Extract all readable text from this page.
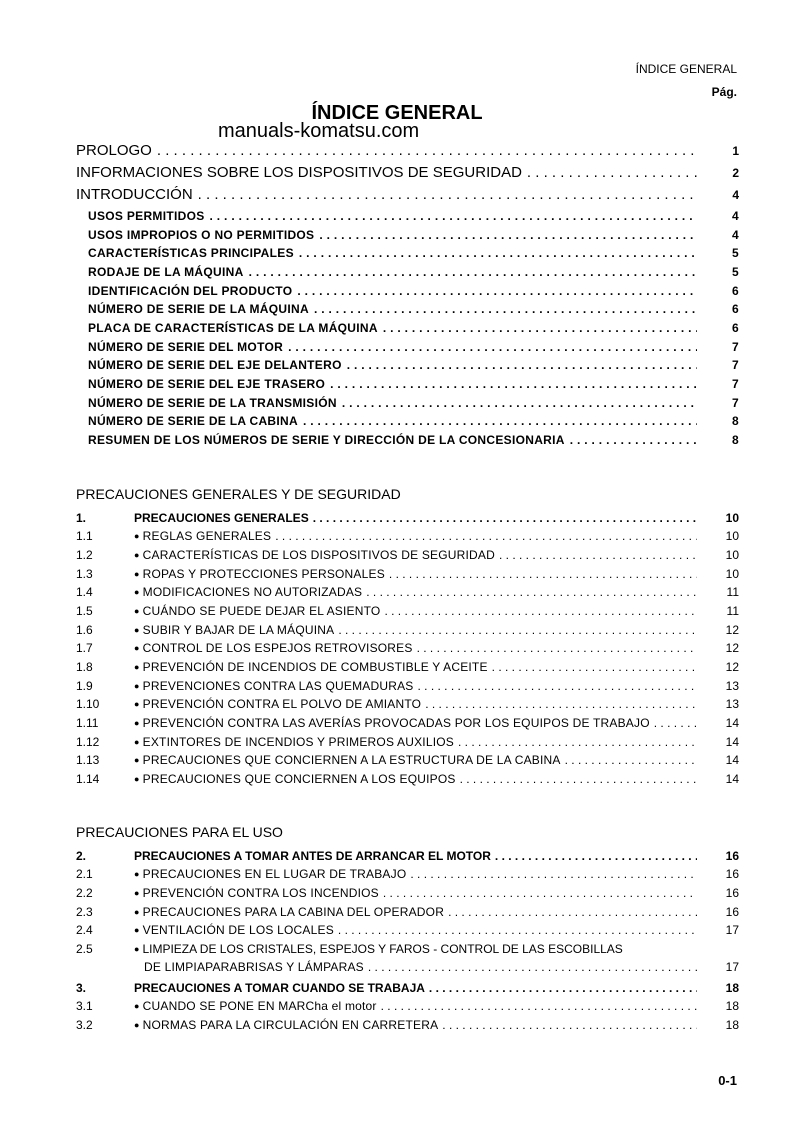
ÍNDICE GENERAL
Pág.
ÍNDICE GENERAL
manuals-komatsu.com
PROLOGO . . .	1
INFORMACIONES SOBRE LOS DISPOSITIVOS DE SEGURIDAD . . .	2
INTRODUCCIÓN . . .	4
USOS PERMITIDOS . . .	4
USOS IMPROPIOS O NO PERMITIDOS . . .	4
CARACTERÍSTICAS PRINCIPALES . . .	5
RODAJE DE LA MÁQUINA . . .	5
IDENTIFICACIÓN DEL PRODUCTO . . .	6
NÚMERO DE SERIE DE LA MÁQUINA . . .	6
PLACA DE CARACTERÍSTICAS DE LA MÁQUINA . . .	6
NÚMERO DE SERIE DEL MOTOR . . .	7
NÚMERO DE SERIE DEL EJE DELANTERO . . .	7
NÚMERO DE SERIE DEL EJE TRASERO . . .	7
NÚMERO DE SERIE DE LA TRANSMISIÓN . . .	7
NÚMERO DE SERIE DE LA CABINA . . .	8
RESUMEN DE LOS NÚMEROS DE SERIE Y DIRECCIÓN DE LA CONCESIONARIA . . .	8
PRECAUCIONES GENERALES Y DE SEGURIDAD
1.	PRECAUCIONES GENERALES . . .	10
1.1 ●	REGLAS GENERALES . . .	10
1.2 ●	CARACTERÍSTICAS DE LOS DISPOSITIVOS DE SEGURIDAD . . .	10
1.3 ●	ROPAS Y PROTECCIONES PERSONALES . . .	10
1.4 ●	MODIFICACIONES NO AUTORIZADAS . . .	11
1.5 ●	CUÁNDO SE PUEDE DEJAR EL ASIENTO . . .	11
1.6 ●	SUBIR Y BAJAR DE LA MÁQUINA . . .	12
1.7 ●	CONTROL DE LOS ESPEJOS RETROVISORES . . .	12
1.8 ●	PREVENCIÓN DE INCENDIOS DE COMBUSTIBLE Y ACEITE . . .	12
1.9 ●	PREVENCIONES CONTRA LAS QUEMADURAS . . .	13
1.10 ●	PREVENCIÓN CONTRA EL POLVO DE AMIANTO . . .	13
1.11 ●	PREVENCIÓN CONTRA LAS AVERÍAS PROVOCADAS POR LOS EQUIPOS DE TRABAJO . . .	14
1.12 ●	EXTINTORES DE INCENDIOS Y PRIMEROS AUXILIOS . . .	14
1.13 ●	PRECAUCIONES QUE CONCIERNEN A LA ESTRUCTURA DE LA CABINA . . .	14
1.14 ●	PRECAUCIONES QUE CONCIERNEN A LOS EQUIPOS . . .	14
PRECAUCIONES PARA EL USO
2.	PRECAUCIONES A TOMAR ANTES DE ARRANCAR EL MOTOR . . .	16
2.1 ●	PRECAUCIONES EN EL LUGAR DE TRABAJO . . .	16
2.2 ●	PREVENCIÓN CONTRA LOS INCENDIOS . . .	16
2.3 ●	PRECAUCIONES PARA LA CABINA DEL OPERADOR . . .	16
2.4 ●	VENTILACIÓN DE LOS LOCALES . . .	17
2.5 ●	LIMPIEZA DE LOS CRISTALES, ESPEJOS Y FAROS - CONTROL DE LAS ESCOBILLAS
DE LIMPIAPARABRISAS Y LÁMPARAS . . .	17
3.	PRECAUCIONES A TOMAR CUANDO SE TRABAJA . . .	18
3.1 ●	CUANDO SE PONE EN MARCha el motor . . .	18
3.2 ●	NORMAS PARA LA CIRCULACIÓN EN CARRETERA . . .	18
0-1
